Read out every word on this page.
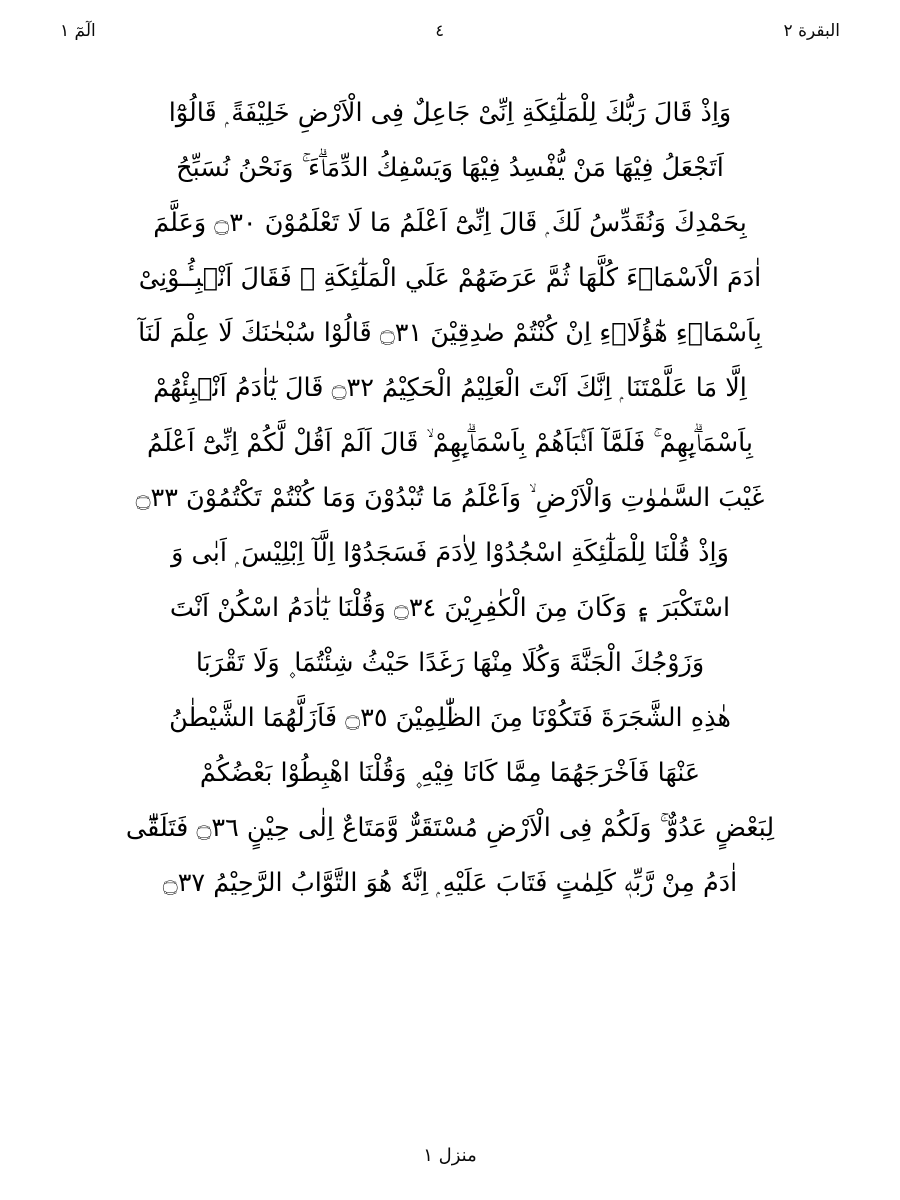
البقرة ٢
٤
الٓمٓ ١
وَاِذْ قَالَ رَبُّكَ لِلْمَلٰٓئِكَةِ اِنِّىْ جَاعِلٌ فِى الْاَرْضِ خَلِيْفَةً ۭ قَالُوْٓا
اَتَجْعَلُ فِيْهَا مَنْ يُّفْسِدُ فِيْهَا وَيَسْفِكُ الدِّمَاۗءَ ۚ وَنَحْنُ نُسَبِّحُ
بِحَمْدِكَ وَنُقَدِّسُ لَكَ ۭ قَالَ اِنِّىْٓ اَعْلَمُ مَا لَا تَعْلَمُوْنَ ۝٣٠ وَعَلَّمَ
اٰدَمَ الْاَسْمَاۗءَ كُلَّهَا ثُمَّ عَرَضَهُمْ عَلَي الْمَلٰٓئِكَةِ ۙ فَقَالَ اَنْۢبِـُٔـوْنِىْ
بِاَسْمَاۗءِ هٰٓؤُلَاۗءِ اِنْ كُنْتُمْ صٰدِقِيْنَ ۝٣١ قَالُوْا سُبْحٰنَكَ لَا عِلْمَ لَنَآ
اِلَّا مَا عَلَّمْتَنَا ۭ اِنَّكَ اَنْتَ الْعَلِيْمُ الْحَكِيْمُ ۝٣٢ قَالَ يٰٓاٰدَمُ اَنْۢبِئْهُمْ
بِاَسْمَاۗىِٕهِمْ ۚ فَلَمَّآ اَنْۢبَاَهُمْ بِاَسْمَاۗىِٕهِمْ ۙ قَالَ اَلَمْ اَقُلْ لَّكُمْ اِنِّىْٓ اَعْلَمُ
غَيْبَ السَّمٰوٰتِ وَالْاَرْضِ ۙ وَاَعْلَمُ مَا تُبْدُوْنَ وَمَا كُنْتُمْ تَكْتُمُوْنَ ۝٣٣
وَاِذْ قُلْنَا لِلْمَلٰٓئِكَةِ اسْجُدُوْا لِاٰدَمَ فَسَجَدُوْٓا اِلَّآ اِبْلِيْسَ ۭ اَبٰى وَ
اسْتَكْبَرَ ۽ وَكَانَ مِنَ الْكٰفِرِيْنَ ۝٣٤ وَقُلْنَا يٰٓاٰدَمُ اسْكُنْ اَنْتَ
وَزَوْجُكَ الْجَنَّةَ وَكُلَا مِنْهَا رَغَدًا حَيْثُ شِئْتُمَا ۪ وَلَا تَقْرَبَا
هٰذِهِ الشَّجَرَةَ فَتَكُوْنَا مِنَ الظّٰلِمِيْنَ ۝٣٥ فَاَزَلَّهُمَا الشَّيْطٰنُ
عَنْهَا فَاَخْرَجَهُمَا مِمَّا كَانَا فِيْهِ ۪ وَقُلْنَا اهْبِطُوْا بَعْضُكُمْ
لِبَعْضٍ عَدُوٌّ ۚ وَلَكُمْ فِى الْاَرْضِ مُسْتَقَرٌّ وَّمَتَاعٌ اِلٰى حِيْنٍ ۝٣٦ فَتَلَقّٰٓى
اٰدَمُ مِنْ رَّبِّهٖ كَلِمٰتٍ فَتَابَ عَلَيْهِ ۭ اِنَّهٗ هُوَ التَّوَّابُ الرَّحِيْمُ ۝٣٧
منزل ١
